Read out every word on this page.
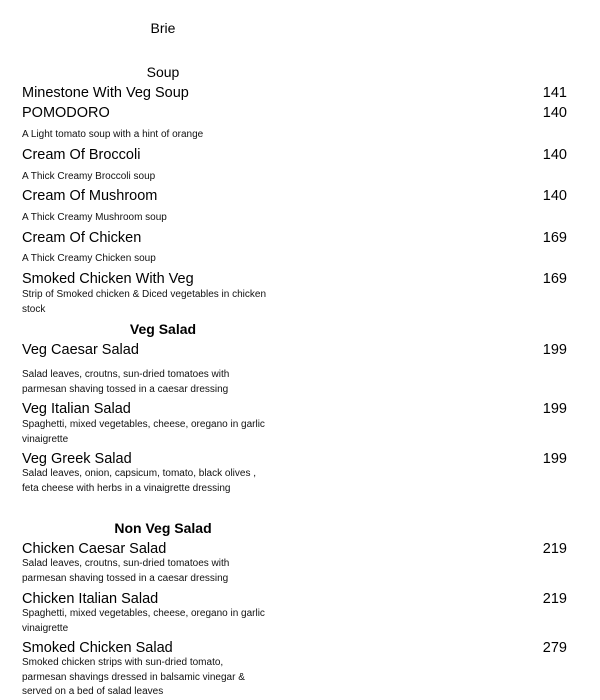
Brie
Soup
Minestone With Veg Soup	141
POMODORO	140
A Light tomato soup with a hint of orange
Cream Of Broccoli	140
A Thick Creamy Broccoli soup
Cream Of Mushroom	140
A Thick Creamy Mushroom soup
Cream Of Chicken	169
A Thick Creamy Chicken soup
Smoked Chicken With Veg	169
Strip of Smoked chicken & Diced vegetables in chicken
stock
Veg Salad
Veg Caesar Salad	199
Salad leaves, croutns, sun-dried tomatoes with
parmesan shaving tossed in a caesar dressing
Veg Italian Salad	199
Spaghetti, mixed vegetables, cheese, oregano in garlic
vinaigrette
Veg Greek Salad	199
Salad leaves, onion, capsicum, tomato, black olives ,
feta cheese with herbs in a vinaigrette dressing
Non Veg Salad
Chicken Caesar Salad	219
Salad leaves, croutns, sun-dried tomatoes with
parmesan shaving tossed in a caesar dressing
Chicken Italian Salad	219
Spaghetti, mixed vegetables, cheese, oregano in garlic
vinaigrette
Smoked Chicken Salad	279
Smoked chicken strips with sun-dried tomato,
parmesan shavings dressed in balsamic vinegar &
served on a bed of salad leaves
